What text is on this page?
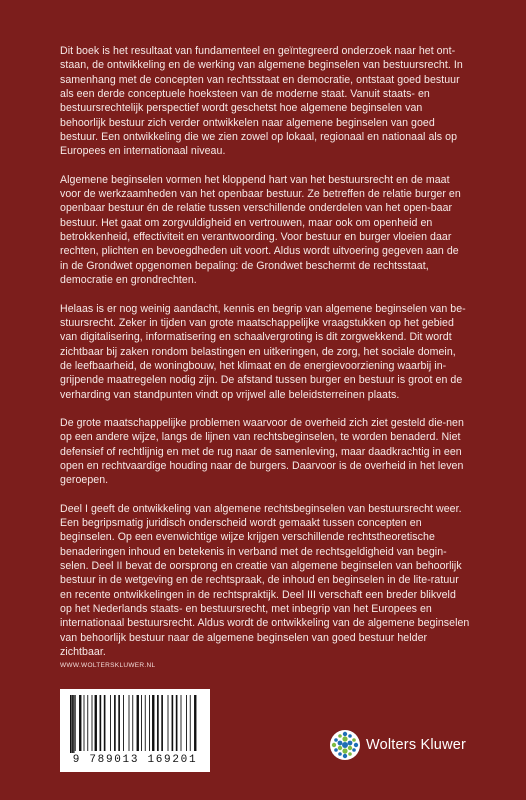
Dit boek is het resultaat van fundamenteel en geïntegreerd onderzoek naar het ont-staan, de ontwikkeling en de werking van algemene beginselen van bestuursrecht. In samenhang met de concepten van rechtsstaat en democratie, ontstaat goed bestuur als een derde conceptuele hoeksteen van de moderne staat. Vanuit staats- en bestuursrechtelijk perspectief wordt geschetst hoe algemene beginselen van behoorlijk bestuur zich verder ontwikkelen naar algemene beginselen van goed bestuur. Een ontwikkeling die we zien zowel op lokaal, regionaal en nationaal als op Europees en internationaal niveau.

Algemene beginselen vormen het kloppend hart van het bestuursrecht en de maat voor de werkzaamheden van het openbaar bestuur. Ze betreffen de relatie burger en openbaar bestuur én de relatie tussen verschillende onderdelen van het open-baar bestuur. Het gaat om zorgvuldigheid en vertrouwen, maar ook om openheid en betrokkenheid, effectiviteit en verantwoording. Voor bestuur en burger vloeien daar rechten, plichten en bevoegdheden uit voort. Aldus wordt uitvoering gegeven aan de in de Grondwet opgenomen bepaling: de Grondwet beschermt de rechtsstaat, democratie en grondrechten.

Helaas is er nog weinig aandacht, kennis en begrip van algemene beginselen van be-stuursrecht. Zeker in tijden van grote maatschappelijke vraagstukken op het gebied van digitalisering, informatisering en schaalvergroting is dit zorgwekkend. Dit wordt zichtbaar bij zaken rondom belastingen en uitkeringen, de zorg, het sociale domein, de leefbaarheid, de woningbouw, het klimaat en de energievoorziening waarbij in-grijpende maatregelen nodig zijn. De afstand tussen burger en bestuur is groot en de verharding van standpunten vindt op vrijwel alle beleidsterreinen plaats.

De grote maatschappelijke problemen waarvoor de overheid zich ziet gesteld die-nen op een andere wijze, langs de lijnen van rechtsbeginselen, te worden benaderd. Niet defensief of rechtlijnig en met de rug naar de samenleving, maar daadkrachtig in een open en rechtvaardige houding naar de burgers. Daarvoor is de overheid in het leven geroepen.

Deel I geeft de ontwikkeling van algemene rechtsbeginselen van bestuursrecht weer. Een begripsmatig juridisch onderscheid wordt gemaakt tussen concepten en beginselen. Op een evenwichtige wijze krijgen verschillende rechtstheoretische benaderingen inhoud en betekenis in verband met de rechtsgeldigheid van begin-selen. Deel II bevat de oorsprong en creatie van algemene beginselen van behoorlijk bestuur in de wetgeving en de rechtspraak, de inhoud en beginselen in de lite-ratuur en recente ontwikkelingen in de rechtspraktijk. Deel III verschaft een breder blikveld op het Nederlands staats- en bestuursrecht, met inbegrip van het Europees en internationaal bestuursrecht. Aldus wordt de ontwikkeling van de algemene beginselen van behoorlijk bestuur naar de algemene beginselen van goed bestuur helder zichtbaar.

WWW.WOLTERSKLUWER.NL
9 789013 169201
Wolters Kluwer
